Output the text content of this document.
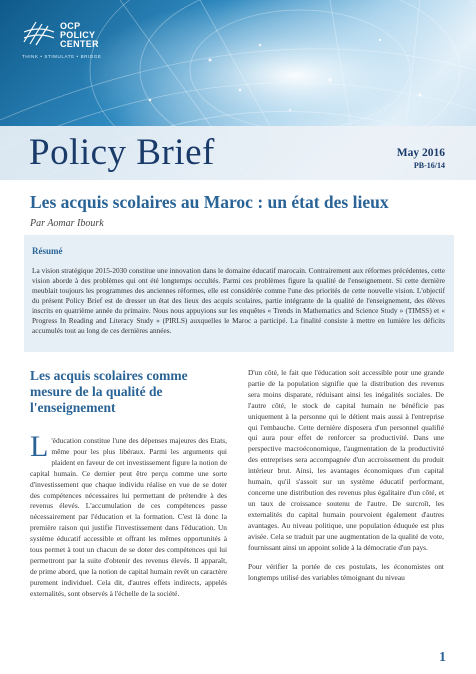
OCP
POLICY
CENTER
THINK • STIMULATE • BRIDGE
Policy Brief	May 2016
PB-16/14
Les acquis scolaires au Maroc : un état des lieux
Par Aomar Ibourk
Résumé

La vision stratégique 2015-2030 constitue une innovation dans le domaine éducatif marocain. Contrairement aux réformes précédentes, cette vision aborde à des problèmes qui ont été longtemps occultés. Parmi ces problèmes figure la qualité de l'enseignement. Si cette dernière meublait toujours les programmes des anciennes réformes, elle est considérée comme l'une des priorités de cette nouvelle vision. L'objectif du présent Policy Brief est de dresser un état des lieux des acquis scolaires, partie intégrante de la qualité de l'enseignement, des élèves inscrits en quatrième année du primaire. Nous nous appuyions sur les enquêtes « Trends in Mathematics and Science Study » (TIMSS) et « Progress In Reading and Literacy Study » (PIRLS) auxquelles le Maroc a participé. La finalité consiste à mettre en lumière les déficits accumulés tout au long de ces dernières années.

Les acquis scolaires comme mesure de la qualité de l'enseignement

L 'éducation constitue l'une des dépenses majeures des Etats, même pour les plus libéraux. Parmi les arguments qui plaident en faveur de cet investissement figure la notion de capital humain. Ce dernier peut être perçu comme une sorte d'investissement que chaque individu réalise en vue de se doter des compétences nécessaires lui permettant de prétendre à des revenus élevés. L'accumulation de ces compétences passe nécessairement par l'éducation et la formation. C'est là donc la première raison qui justifie l'investissement dans l'éducation. Un système éducatif accessible et offrant les mêmes opportunités à tous permet à tout un chacun de se doter des compétences qui lui permettront par la suite d'obtenir des revenus élevés. Il apparaît, de prime abord, que la notion de capital humain revêt un caractère purement individuel. Cela dit, d'autres effets indirects, appelés externalités, sont observés à l'échelle de la société.

D'un côté, le fait que l'éducation soit accessible pour une grande partie de la population signifie que la distribution des revenus sera moins disparate, réduisant ainsi les inégalités sociales. De l'autre côté, le stock de capital humain ne bénéficie pas uniquement à la personne qui le détient mais aussi à l'entreprise qui l'embauche. Cette dernière disposera d'un personnel qualifié qui aura pour effet de renforcer sa productivité. Dans une perspective macroéconomique, l'augmentation de la productivité des entreprises sera accompagnée d'un accroissement du produit intérieur brut. Ainsi, les avantages économiques d'un capital humain, qu'il s'assoit sur un système éducatif performant, concerne une distribution des revenus plus égalitaire d'un côté, et un taux de croissance soutenu de l'autre. De surcroît, les externalités du capital humain pourvoient également d'autres avantages. Au niveau politique, une population éduquée est plus avisée. Cela se traduit par une augmentation de la qualité de vote, fournissant ainsi un appoint solide à la démocratie d'un pays.

Pour vérifier la portée de ces postulats, les économistes ont longtemps utilisé des variables témoignant du niveau

1
